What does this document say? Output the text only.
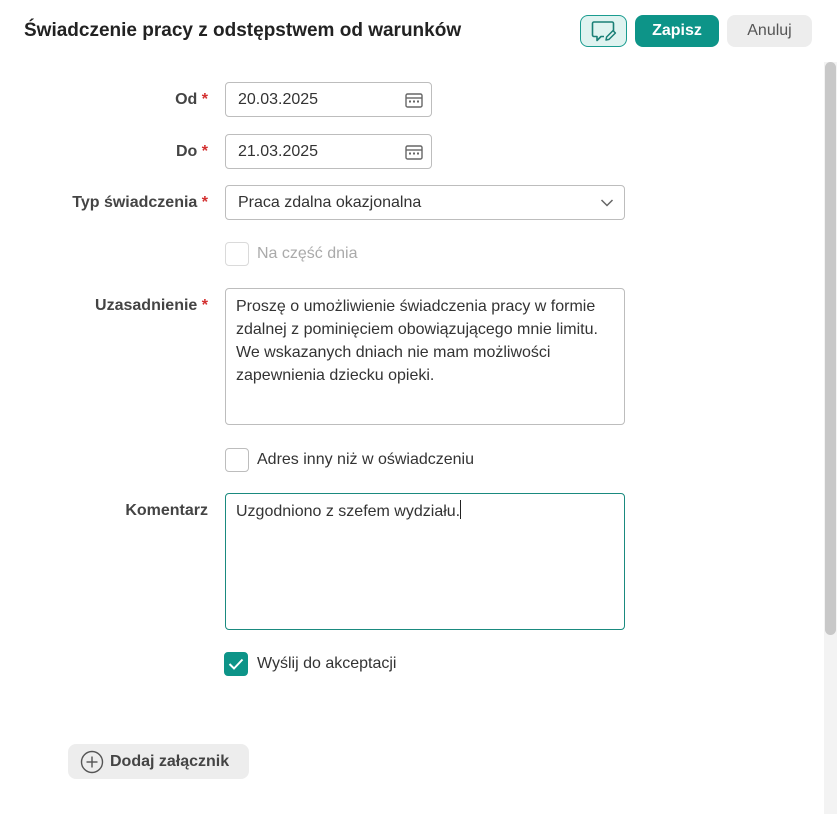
Świadczenie pracy z odstępstwem od warunków	Zapisz	Anuluj
Od * 20.03.2025
Do * 21.03.2025
Typ świadczenia * Praca zdalna okazjonalna
Na część dnia
Uzasadnienie *	Proszę o umożliwienie świadczenia pracy w formie zdalnej z pominięciem obowiązującego mnie limitu. We wskazanych dniach nie mam możliwości zapewnienia dziecku opieki.
Adres inny niż w oświadczeniu
Komentarz	Uzgodniono z szefem wydziału.
Wyślij do akceptacji
Dodaj załącznik
